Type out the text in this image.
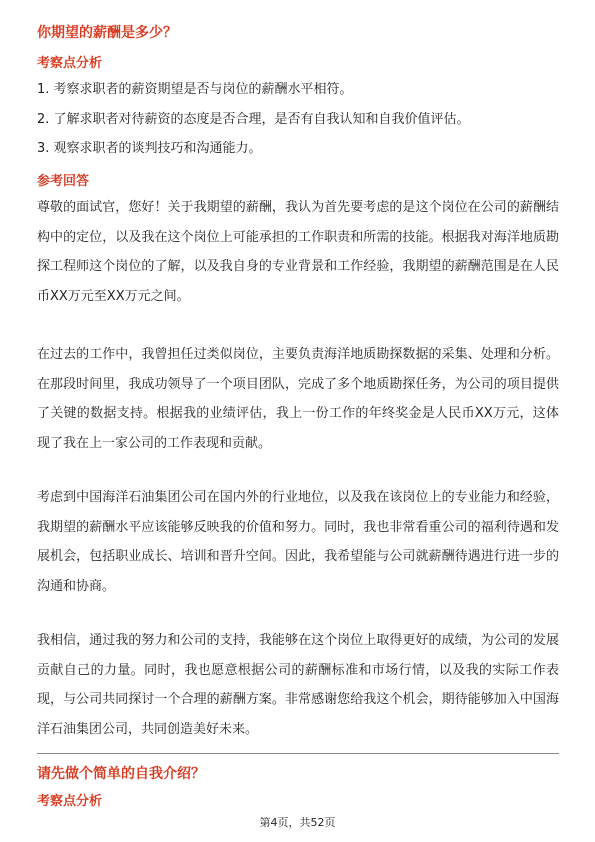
你期望的薪酬是多少？
考察点分析
1. 考察求职者的薪资期望是否与岗位的薪酬水平相符。
2. 了解求职者对待薪资的态度是否合理，是否有自我认知和自我价值评估。
3. 观察求职者的谈判技巧和沟通能力。
参考回答
尊敬的面试官，您好！关于我期望的薪酬，我认为首先要考虑的是这个岗位在公司的薪酬结构中的定位，以及我在这个岗位上可能承担的工作职责和所需的技能。根据我对海洋地质勘探工程师这个岗位的了解，以及我自身的专业背景和工作经验，我期望的薪酬范围是在人民币XX万元至XX万元之间。
在过去的工作中，我曾担任过类似岗位，主要负责海洋地质勘探数据的采集、处理和分析。在那段时间里，我成功领导了一个项目团队，完成了多个地质勘探任务，为公司的项目提供了关键的数据支持。根据我的业绩评估，我上一份工作的年终奖金是人民币XX万元，这体现了我在上一家公司的工作表现和贡献。
考虑到中国海洋石油集团公司在国内外的行业地位，以及我在该岗位上的专业能力和经验，我期望的薪酬水平应该能够反映我的价值和努力。同时，我也非常看重公司的福利待遇和发展机会，包括职业成长、培训和晋升空间。因此，我希望能与公司就薪酬待遇进行进一步的沟通和协商。
我相信，通过我的努力和公司的支持，我能够在这个岗位上取得更好的成绩，为公司的发展贡献自己的力量。同时，我也愿意根据公司的薪酬标准和市场行情，以及我的实际工作表现，与公司共同探讨一个合理的薪酬方案。非常感谢您给我这个机会，期待能够加入中国海洋石油集团公司，共同创造美好未来。
请先做个简单的自我介绍？
考察点分析
第4页，共52页
